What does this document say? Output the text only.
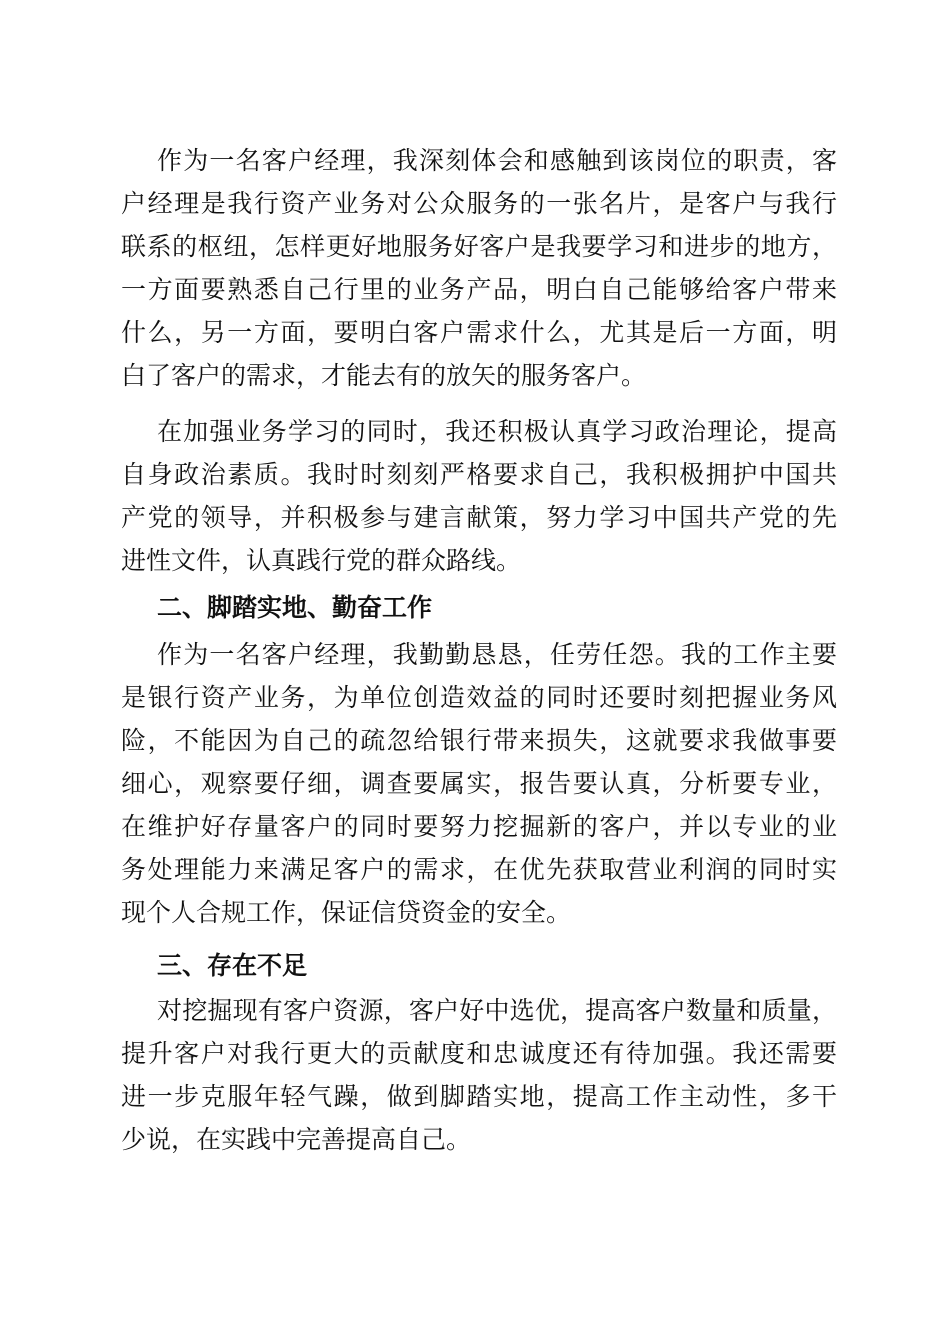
作为一名客户经理，我深刻体会和感触到该岗位的职责，客
户经理是我行资产业务对公众服务的一张名片，是客户与我行
联系的枢纽，怎样更好地服务好客户是我要学习和进步的地方，
一方面要熟悉自己行里的业务产品，明白自己能够给客户带来
什么，另一方面，要明白客户需求什么，尤其是后一方面，明
白了客户的需求，才能去有的放矢的服务客户。
在加强业务学习的同时，我还积极认真学习政治理论，提高
自身政治素质。我时时刻刻严格要求自己，我积极拥护中国共
产党的领导，并积极参与建言献策，努力学习中国共产党的先
进性文件，认真践行党的群众路线。
二、脚踏实地、勤奋工作
作为一名客户经理，我勤勤恳恳，任劳任怨。我的工作主要
是银行资产业务，为单位创造效益的同时还要时刻把握业务风
险，不能因为自己的疏忽给银行带来损失，这就要求我做事要
细心，观察要仔细，调查要属实，报告要认真，分析要专业，
在维护好存量客户的同时要努力挖掘新的客户，并以专业的业
务处理能力来满足客户的需求，在优先获取营业利润的同时实
现个人合规工作，保证信贷资金的安全。
三、存在不足
对挖掘现有客户资源，客户好中选优，提高客户数量和质量，
提升客户对我行更大的贡献度和忠诚度还有待加强。我还需要
进一步克服年轻气躁，做到脚踏实地，提高工作主动性，多干
少说，在实践中完善提高自己。
